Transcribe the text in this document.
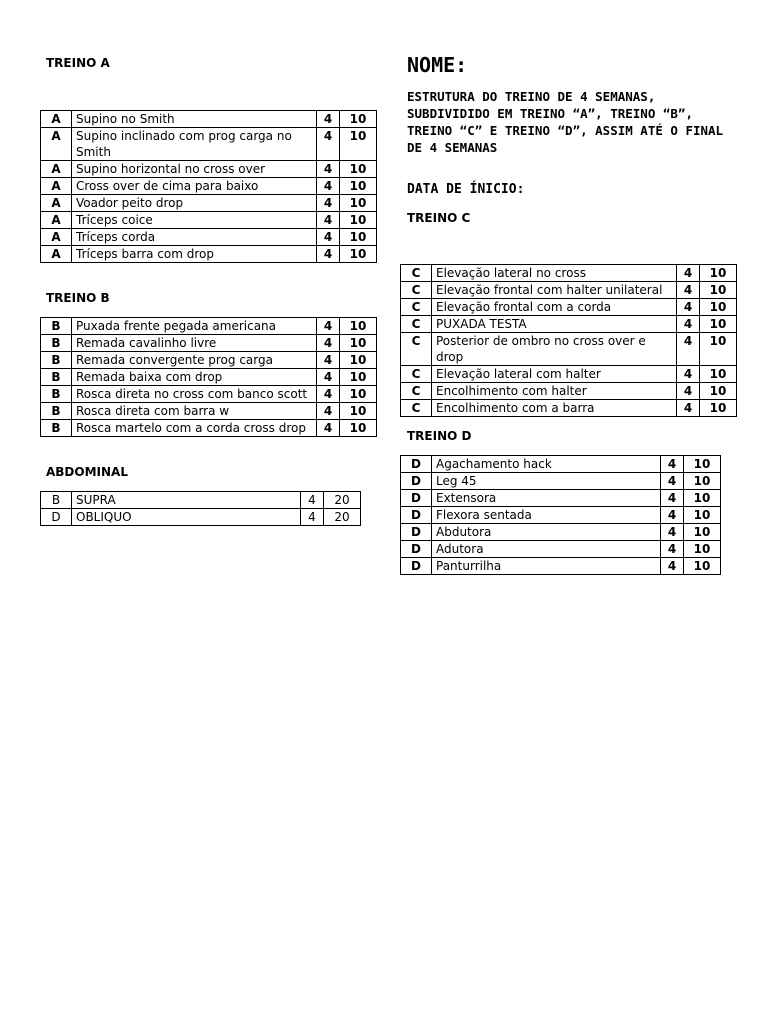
TREINO A
A	Supino no Smith	4	10
A	Supino inclinado com prog carga no Smith	4	10
A	Supino horizontal no cross over	4	10
A	Cross over de cima para baixo	4	10
A	Voador peito drop	4	10
A	Tríceps coice	4	10
A	Tríceps corda	4	10
A	Tríceps barra com drop	4	10
TREINO B
B	Puxada frente pegada americana	4	10
B	Remada cavalinho livre	4	10
B	Remada convergente prog carga	4	10
B	Remada baixa com drop	4	10
B	Rosca direta no cross com banco scott	4	10
B	Rosca direta com barra w	4	10
B	Rosca martelo com a corda cross drop	4	10
ABDOMINAL
B	SUPRA	4	20
D	OBLIQUO	4	20
NOME:

ESTRUTURA DO TREINO DE 4 SEMANAS, SUBDIVIDIDO EM TREINO “A”, TREINO “B”, TREINO “C” E TREINO “D”, ASSIM ATÉ O FINAL DE 4 SEMANAS

DATA DE ÍNICIO:
TREINO C
C	Elevação lateral no cross	4	10
C	Elevação frontal com halter unilateral	4	10
C	Elevação frontal com a corda	4	10
C	PUXADA TESTA	4	10
C	Posterior de ombro no cross over e drop	4	10
C	Elevação lateral com halter	4	10
C	Encolhimento com halter	4	10
C	Encolhimento com a barra	4	10
TREINO D
D	Agachamento hack	4	10
D	Leg 45	4	10
D	Extensora	4	10
D	Flexora sentada	4	10
D	Abdutora	4	10
D	Adutora	4	10
D	Panturrilha	4	10
